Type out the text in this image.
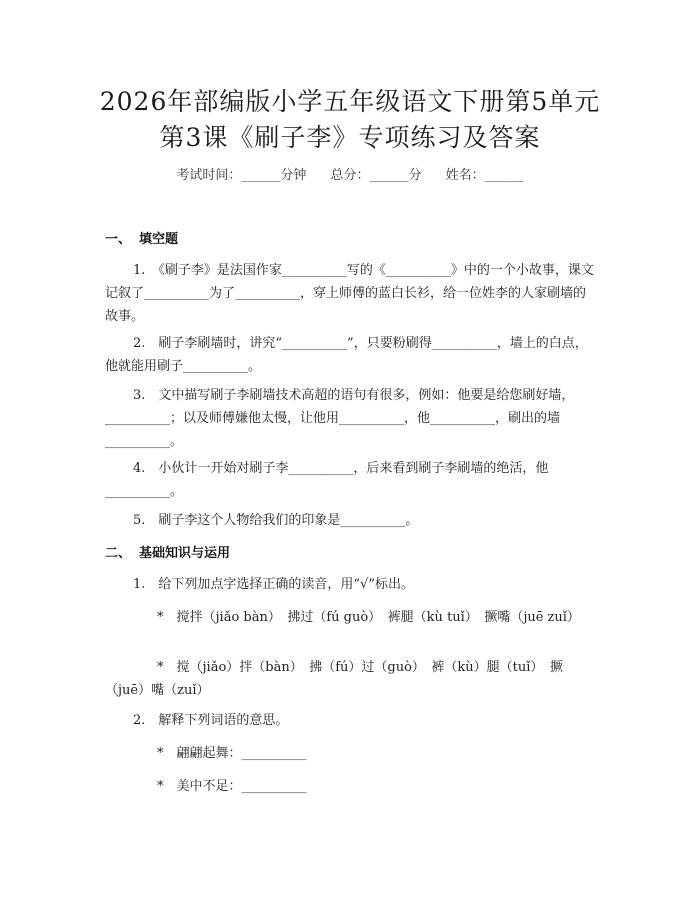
2026年部编版小学五年级语文下册第5单元
第3课《刷子李》专项练习及答案
考试时间：______分钟 总分：______分 姓名：______
一、 填空题
1.　《刷子李》是法国作家__________写的《__________》中的一个小故事，课文记叙了__________为了__________，穿上师傅的蓝白长衫，给一位姓李的人家刷墙的故事。
2.　刷子李刷墙时，讲究“__________”，只要粉刷得__________，墙上的白点，他就能用刷子__________。
3.　文中描写刷子李刷墙技术高超的语句有很多，例如：他要是给您刷好墙，__________；以及师傅嫌他太慢，让他用__________，他__________，刷出的墙__________。
4.　小伙计一开始对刷子李__________，后来看到刷子李刷墙的绝活，他__________。
5.　刷子李这个人物给我们的印象是__________。
二、 基础知识与运用
1.　给下列加点字选择正确的读音，用“√”标出。
*　搅拌（jiǎo bàn）　拂过（fú guò）　裤腿（kù tuǐ）　撅嘴（juē zuǐ）
*　搅（jiǎo）拌（bàn）　拂（fú）过（guò）　裤（kù）腿（tuǐ）　撅（juē）嘴（zuǐ）
2.　解释下列词语的意思。
*　翩翩起舞：__________
*　美中不足：__________
